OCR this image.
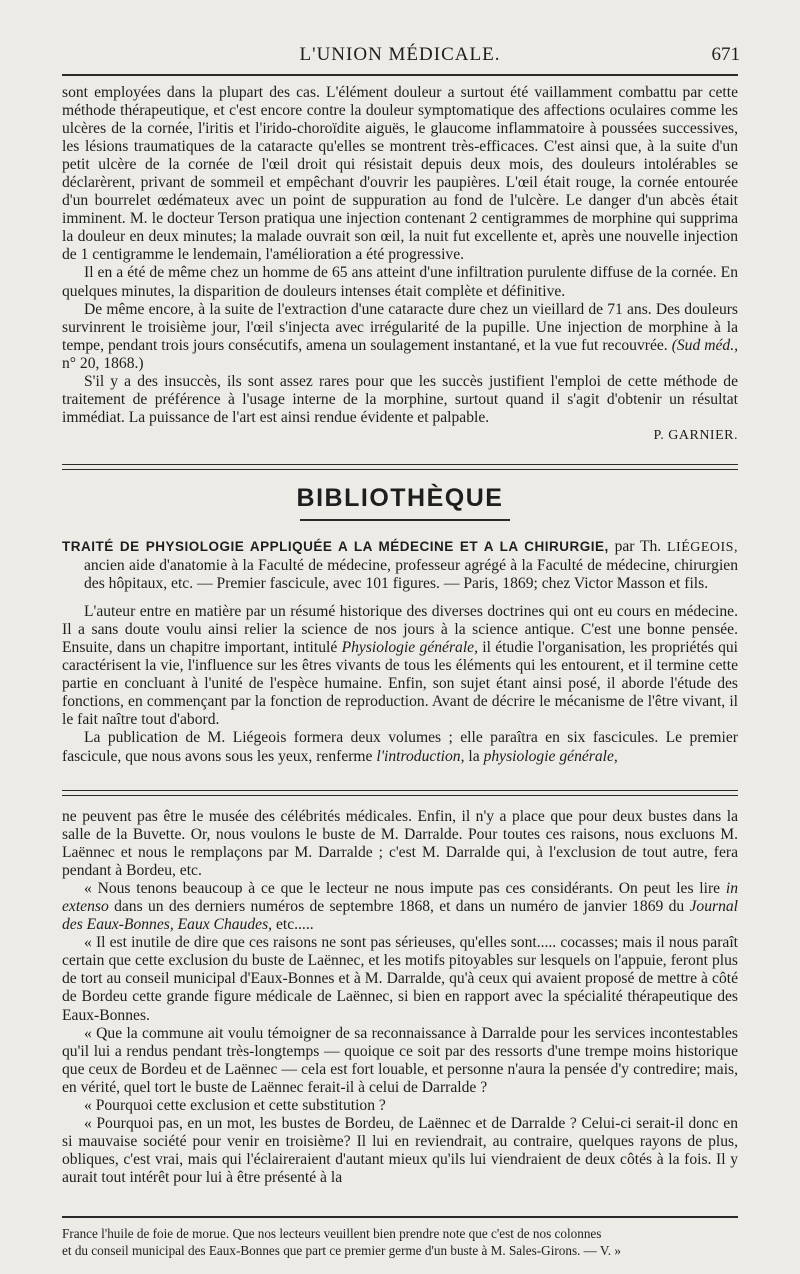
L'UNION MÉDICALE.	671

sont employées dans la plupart des cas. L'élément douleur a surtout été vaillamment combattu par cette méthode thérapeutique, et c'est encore contre la douleur symptomatique des affections oculaires comme les ulcères de la cornée, l'iritis et l'irido-choroïdite aiguës, le glaucome inflammatoire à poussées successives, les lésions traumatiques de la cataracte qu'elles se montrent très-efficaces. C'est ainsi que, à la suite d'un petit ulcère de la cornée de l'œil droit qui résistait depuis deux mois, des douleurs intolérables se déclarèrent, privant de sommeil et empêchant d'ouvrir les paupières. L'œil était rouge, la cornée entourée d'un bourrelet œdémateux avec un point de suppuration au fond de l'ulcère. Le danger d'un abcès était imminent. M. le docteur Terson pratiqua une injection contenant 2 centigrammes de morphine qui supprima la douleur en deux minutes; la malade ouvrait son œil, la nuit fut excellente et, après une nouvelle injection de 1 centigramme le lendemain, l'amélioration a été progressive.

Il en a été de même chez un homme de 65 ans atteint d'une infiltration purulente diffuse de la cornée. En quelques minutes, la disparition de douleurs intenses était complète et définitive.

De même encore, à la suite de l'extraction d'une cataracte dure chez un vieillard de 71 ans. Des douleurs survinrent le troisième jour, l'œil s'injecta avec irrégularité de la pupille. Une injection de morphine à la tempe, pendant trois jours consécutifs, amena un soulagement instantané, et la vue fut recouvrée. (Sud méd., n° 20, 1868.)

S'il y a des insuccès, ils sont assez rares pour que les succès justifient l'emploi de cette méthode de traitement de préférence à l'usage interne de la morphine, surtout quand il s'agit d'obtenir un résultat immédiat. La puissance de l'art est ainsi rendue évidente et palpable.

P. GARNIER.

BIBLIOTHÈQUE

TRAITÉ DE PHYSIOLOGIE APPLIQUÉE A LA MÉDECINE ET A LA CHIRURGIE, par Th. LIÉGEOIS, ancien aide d'anatomie à la Faculté de médecine, professeur agrégé à la Faculté de médecine, chirurgien des hôpitaux, etc. — Premier fascicule, avec 101 figures. — Paris, 1869; chez Victor Masson et fils.

L'auteur entre en matière par un résumé historique des diverses doctrines qui ont eu cours en médecine. Il a sans doute voulu ainsi relier la science de nos jours à la science antique. C'est une bonne pensée. Ensuite, dans un chapitre important, intitulé Physiologie générale, il étudie l'organisation, les propriétés qui caractérisent la vie, l'influence sur les êtres vivants de tous les éléments qui les entourent, et il termine cette partie en concluant à l'unité de l'espèce humaine. Enfin, son sujet étant ainsi posé, il aborde l'étude des fonctions, en commençant par la fonction de reproduction. Avant de décrire le mécanisme de l'être vivant, il le fait naître tout d'abord.

La publication de M. Liégeois formera deux volumes ; elle paraîtra en six fascicules. Le premier fascicule, que nous avons sous les yeux, renferme l'introduction, la physiologie générale,

ne peuvent pas être le musée des célébrités médicales. Enfin, il n'y a place que pour deux bustes dans la salle de la Buvette. Or, nous voulons le buste de M. Darralde. Pour toutes ces raisons, nous excluons M. Laënnec et nous le remplaçons par M. Darralde ; c'est M. Darralde qui, à l'exclusion de tout autre, fera pendant à Bordeu, etc.

« Nous tenons beaucoup à ce que le lecteur ne nous impute pas ces considérants. On peut les lire in extenso dans un des derniers numéros de septembre 1868, et dans un numéro de janvier 1869 du Journal des Eaux-Bonnes, Eaux Chaudes, etc.....

« Il est inutile de dire que ces raisons ne sont pas sérieuses, qu'elles sont..... cocasses; mais il nous paraît certain que cette exclusion du buste de Laënnec, et les motifs pitoyables sur lesquels on l'appuie, feront plus de tort au conseil municipal d'Eaux-Bonnes et à M. Darralde, qu'à ceux qui avaient proposé de mettre à côté de Bordeu cette grande figure médicale de Laënnec, si bien en rapport avec la spécialité thérapeutique des Eaux-Bonnes.

« Que la commune ait voulu témoigner de sa reconnaissance à Darralde pour les services incontestables qu'il lui a rendus pendant très-longtemps — quoique ce soit par des ressorts d'une trempe moins historique que ceux de Bordeu et de Laënnec — cela est fort louable, et personne n'aura la pensée d'y contredire; mais, en vérité, quel tort le buste de Laënnec ferait-il à celui de Darralde ?

« Pourquoi cette exclusion et cette substitution ?

« Pourquoi pas, en un mot, les bustes de Bordeu, de Laënnec et de Darralde ? Celui-ci serait-il donc en si mauvaise société pour venir en troisième? Il lui en reviendrait, au contraire, quelques rayons de plus, obliques, c'est vrai, mais qui l'éclaireraient d'autant mieux qu'ils lui viendraient de deux côtés à la fois. Il y aurait tout intérêt pour lui à être présenté à la

France l'huile de foie de morue. Que nos lecteurs veuillent bien prendre note que c'est de nos colonnes

et du conseil municipal des Eaux-Bonnes que part ce premier germe d'un buste à M. Sales-Girons. — V. »
